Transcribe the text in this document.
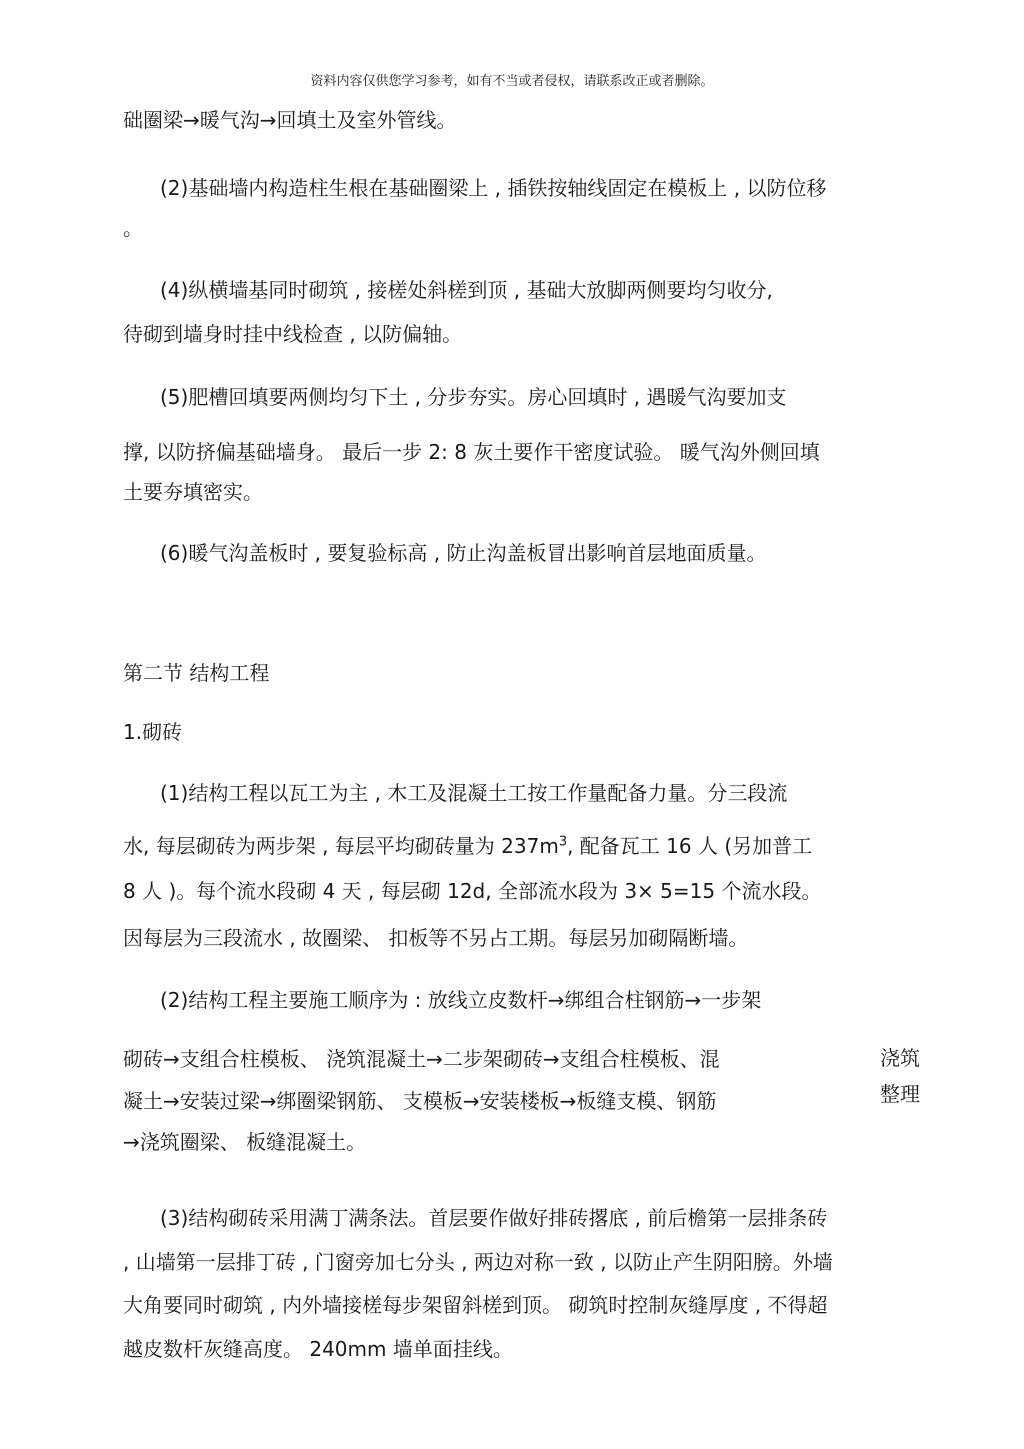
资料内容仅供您学习参考，如有不当或者侵权，请联系改正或者删除。
础圈梁→暖气沟→回填土及室外管线。
(2)基础墙内构造柱生根在基础圈梁上 , 插铁按轴线固定在模板上 , 以防位移
。
(4)纵横墙基同时砌筑 , 接槎处斜槎到顶 , 基础大放脚两侧要均匀收分,
待砌到墙身时挂中线检查 , 以防偏轴。
(5)肥槽回填要两侧均匀下土 , 分步夯实。房心回填时 , 遇暖气沟要加支
撑, 以防挤偏基础墙身。 最后一步 2: 8 灰土要作干密度试验。 暖气沟外侧回填
土要夯填密实。
(6)暖气沟盖板时 , 要复验标高 , 防止沟盖板冒出影响首层地面质量。
第二节 结构工程
1.砌砖
(1)结构工程以瓦工为主 , 木工及混凝土工按工作量配备力量。分三段流
水, 每层砌砖为两步架 , 每层平均砌砖量为 $237m^3$, 配备瓦工 16 人 (另加普工
8 人 )。每个流水段砌 4 天 , 每层砌 12d, 全部流水段为 3× 5=15 个流水段。
因每层为三段流水 , 故圈梁、 扣板等不另占工期。每层另加砌隔断墙。
(2)结构工程主要施工顺序为 : 放线立皮数杆→绑组合柱钢筋→一步架
砌砖→支组合柱模板、 浇筑混凝土→二步架砌砖→支组合柱模板、混
凝土→安装过梁→绑圈梁钢筋、 支模板→安装楼板→板缝支模、钢筋
→浇筑圈梁、 板缝混凝土。
浇筑
整理
(3)结构砌砖采用满丁满条法。首层要作做好排砖撂底 , 前后檐第一层排条砖
, 山墙第一层排丁砖 , 门窗旁加七分头 , 两边对称一致 , 以防止产生阴阳膀。外墙
大角要同时砌筑 , 内外墙接槎每步架留斜槎到顶。 砌筑时控制灰缝厚度 , 不得超
越皮数杆灰缝高度。 240mm 墙单面挂线。
